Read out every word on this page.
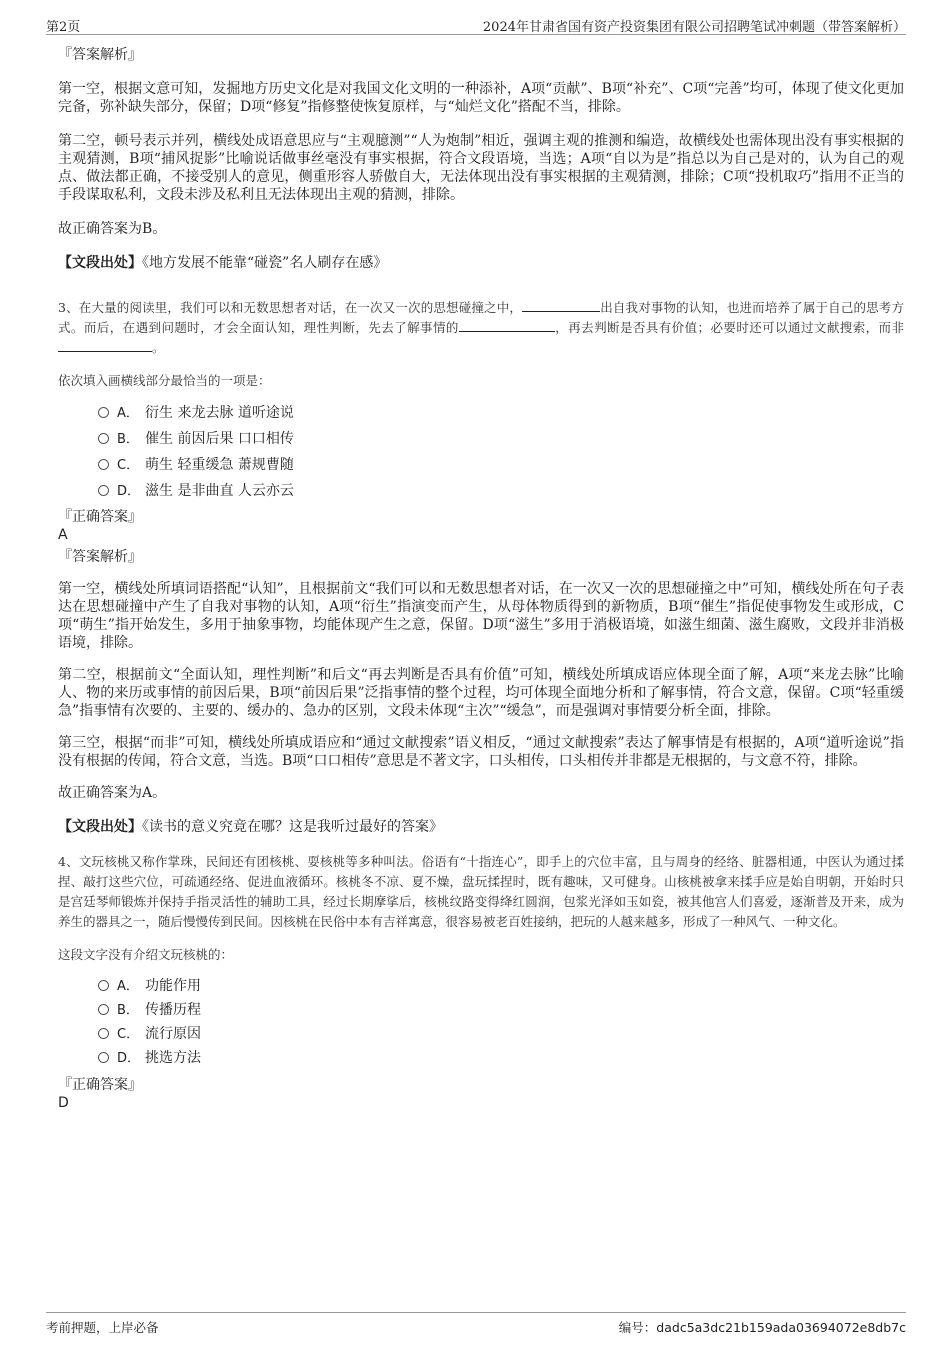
第2页	2024年甘肃省国有资产投资集团有限公司招聘笔试冲刺题（带答案解析）

『答案解析』

第一空，根据文意可知，发掘地方历史文化是对我国文化文明的一种添补，A项“贡献”、B项“补充”、C项“完善”均可，体现了使文化更加完备，弥补缺失部分，保留；D项“修复”指修整使恢复原样，与“灿烂文化”搭配不当，排除。

第二空，顿号表示并列，横线处成语意思应与“主观臆测”“人为炮制”相近，强调主观的推测和编造，故横线处也需体现出没有事实根据的主观猜测，B项“捕风捉影”比喻说话做事丝毫没有事实根据，符合文段语境，当选；A项“自以为是”指总以为自己是对的，认为自己的观点、做法都正确，不接受别人的意见，侧重形容人骄傲自大，无法体现出没有事实根据的主观猜测，排除；C项“投机取巧”指用不正当的手段谋取私利，文段未涉及私利且无法体现出主观的猜测，排除。

故正确答案为B。

【文段出处】《地方发展不能靠“碰瓷”名人刷存在感》

3、在大量的阅读里，我们可以和无数思想者对话，在一次又一次的思想碰撞之中，	出自我对事物的认知，也进而培养了属于自己的思考方式。而后，在遇到问题时，才会全面认知，理性判断，先去了解事情的	，再去判断是否具有价值；必要时还可以通过文献搜索，而非。

依次填入画横线部分最恰当的一项是：

A． 衍生 来龙去脉 道听途说
B． 催生 前因后果 口口相传
C． 萌生 轻重缓急 萧规曹随
D． 滋生 是非曲直 人云亦云

『正确答案』

A

『答案解析』

第一空，横线处所填词语搭配“认知”，且根据前文“我们可以和无数思想者对话，在一次又一次的思想碰撞之中”可知，横线处所在句子表达在思想碰撞中产生了自我对事物的认知，A项“衍生”指演变而产生，从母体物质得到的新物质，B项“催生”指促使事物发生或形成，C项“萌生”指开始发生，多用于抽象事物，均能体现产生之意，保留。D项“滋生”多用于消极语境，如滋生细菌、滋生腐败，文段并非消极语境，排除。

第二空，根据前文“全面认知，理性判断”和后文“再去判断是否具有价值”可知，横线处所填成语应体现全面了解，A项“来龙去脉”比喻人、物的来历或事情的前因后果，B项“前因后果”泛指事情的整个过程，均可体现全面地分析和了解事情，符合文意，保留。C项“轻重缓急”指事情有次要的、主要的、缓办的、急办的区别，文段未体现“主次”“缓急”，而是强调对事情要分析全面，排除。

第三空，根据“而非”可知，横线处所填成语应和“通过文献搜索”语义相反，“通过文献搜索”表达了解事情是有根据的，A项“道听途说”指没有根据的传闻，符合文意，当选。B项“口口相传”意思是不著文字，口头相传，口头相传并非都是无根据的，与文意不符，排除。

故正确答案为A。

【文段出处】《读书的意义究竟在哪？这是我听过最好的答案》

4、文玩核桃又称作掌珠，民间还有团核桃、耍核桃等多种叫法。俗语有“十指连心”，即手上的穴位丰富，且与周身的经络、脏器相通，中医认为通过揉捏、敲打这些穴位，可疏通经络、促进血液循环。核桃冬不凉、夏不燥，盘玩揉捏时，既有趣味，又可健身。山核桃被拿来揉手应是始自明朝，开始时只是宫廷琴师锻炼并保持手指灵活性的辅助工具，经过长期摩挲后，核桃纹路变得绛红圆润，包浆光泽如玉如瓷，被其他宫人们喜爱，逐渐普及开来，成为养生的器具之一，随后慢慢传到民间。因核桃在民俗中本有吉祥寓意，很容易被老百姓接纳，把玩的人越来越多，形成了一种风气、一种文化。

这段文字没有介绍文玩核桃的：

A． 功能作用
B． 传播历程
C． 流行原因
D． 挑选方法

『正确答案』

D

考前押题，上岸必备	编号：dadc5a3dc21b159ada03694072e8db7c
